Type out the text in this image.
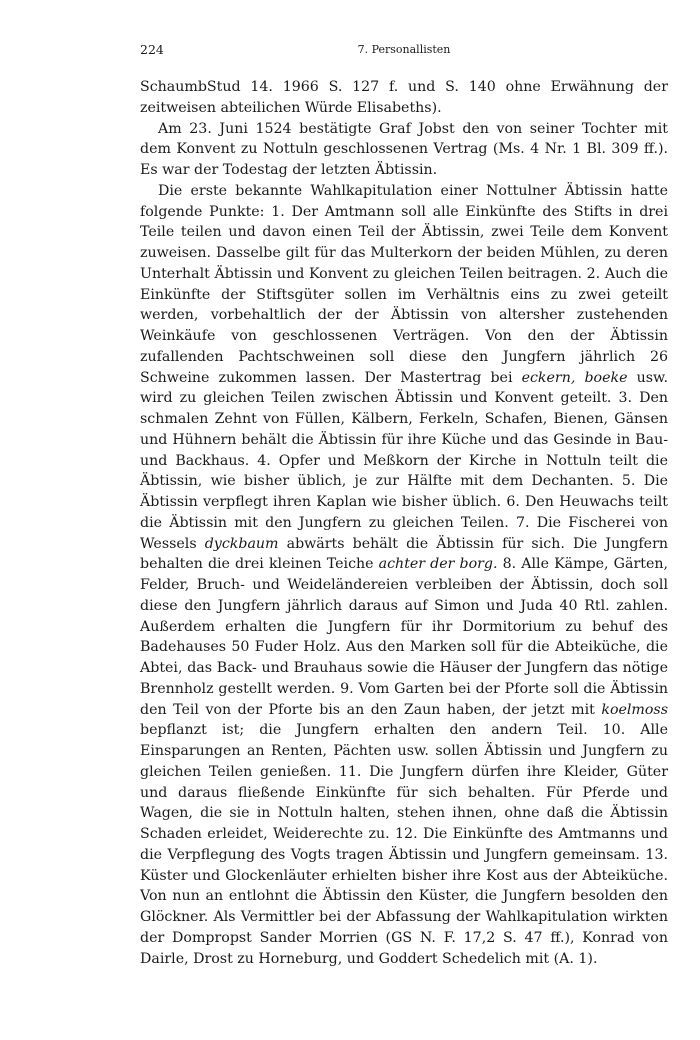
224	7. Personallisten

SchaumbStud 14. 1966 S. 127 f. und S. 140 ohne Erwähnung der zeitweisen abteilichen Würde Elisabeths).

Am 23. Juni 1524 bestätigte Graf Jobst den von seiner Tochter mit dem Konvent zu Nottuln geschlossenen Vertrag (Ms. 4 Nr. 1 Bl. 309 ff.). Es war der Todestag der letzten Äbtissin.

Die erste bekannte Wahlkapitulation einer Nottulner Äbtissin hatte folgende Punkte: 1. Der Amtmann soll alle Einkünfte des Stifts in drei Teile teilen und davon einen Teil der Äbtissin, zwei Teile dem Konvent zuweisen. Dasselbe gilt für das Multerkorn der beiden Mühlen, zu deren Unterhalt Äbtissin und Konvent zu gleichen Teilen beitragen. 2. Auch die Einkünfte der Stiftsgüter sollen im Verhältnis eins zu zwei geteilt werden, vorbehaltlich der der Äbtissin von altersher zustehenden Weinkäufe von geschlossenen Verträgen. Von den der Äbtissin zufallenden Pachtschweinen soll diese den Jungfern jährlich 26 Schweine zukommen lassen. Der Mastertrag bei eckern, boeke usw. wird zu gleichen Teilen zwischen Äbtissin und Konvent geteilt. 3. Den schmalen Zehnt von Füllen, Kälbern, Ferkeln, Schafen, Bienen, Gänsen und Hühnern behält die Äbtissin für ihre Küche und das Gesinde in Bau- und Backhaus. 4. Opfer und Meßkorn der Kirche in Nottuln teilt die Äbtissin, wie bisher üblich, je zur Hälfte mit dem Dechanten. 5. Die Äbtissin verpflegt ihren Kaplan wie bisher üblich. 6. Den Heuwachs teilt die Äbtissin mit den Jungfern zu gleichen Teilen. 7. Die Fischerei von Wessels dyckbaum abwärts behält die Äbtissin für sich. Die Jungfern behalten die drei kleinen Teiche achter der borg. 8. Alle Kämpe, Gärten, Felder, Bruch- und Weideländereien verbleiben der Äbtissin, doch soll diese den Jungfern jährlich daraus auf Simon und Juda 40 Rtl. zahlen. Außerdem erhalten die Jungfern für ihr Dormitorium zu behuf des Badehauses 50 Fuder Holz. Aus den Marken soll für die Abteiküche, die Abtei, das Back- und Brauhaus sowie die Häuser der Jungfern das nötige Brennholz gestellt werden. 9. Vom Garten bei der Pforte soll die Äbtissin den Teil von der Pforte bis an den Zaun haben, der jetzt mit koelmoss bepflanzt ist; die Jungfern erhalten den andern Teil. 10. Alle Einsparungen an Renten, Pächten usw. sollen Äbtissin und Jungfern zu gleichen Teilen genießen. 11. Die Jungfern dürfen ihre Kleider, Güter und daraus fließende Einkünfte für sich behalten. Für Pferde und Wagen, die sie in Nottuln halten, stehen ihnen, ohne daß die Äbtissin Schaden erleidet, Weiderechte zu. 12. Die Einkünfte des Amtmanns und die Verpflegung des Vogts tragen Äbtissin und Jungfern gemeinsam. 13. Küster und Glockenläuter erhielten bisher ihre Kost aus der Abteiküche. Von nun an entlohnt die Äbtissin den Küster, die Jungfern besolden den Glöckner. Als Vermittler bei der Abfassung der Wahlkapitulation wirkten der Dompropst Sander Morrien (GS N. F. 17,2 S. 47 ff.), Konrad von Dairle, Drost zu Horneburg, und Goddert Schedelich mit (A. 1).
